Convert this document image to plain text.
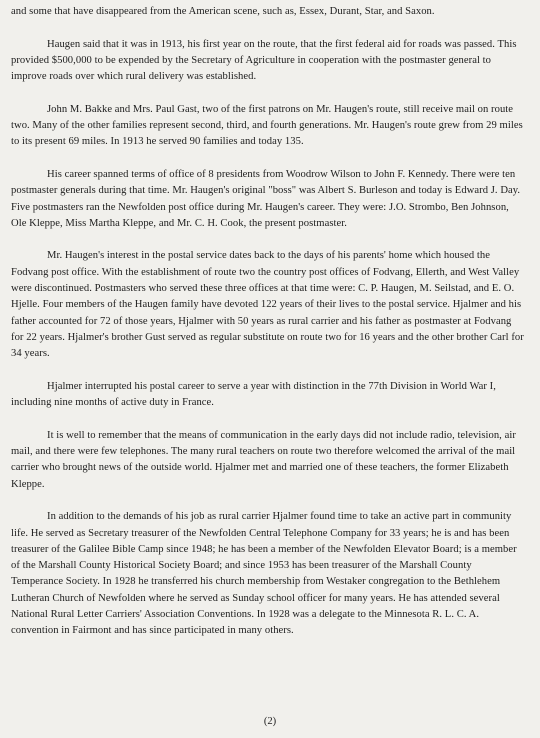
and some that have disappeared from the American scene, such as, Essex, Durant, Star, and Saxon.

Haugen said that it was in 1913, his first year on the route, that the first federal aid for roads was passed. This provided $500,000 to be expended by the Secretary of Agriculture in cooperation with the postmaster general to improve roads over which rural delivery was established.

John M. Bakke and Mrs. Paul Gast, two of the first patrons on Mr. Haugen's route, still receive mail on route two. Many of the other families represent second, third, and fourth generations. Mr. Haugen's route grew from 29 miles to its present 69 miles. In 1913 he served 90 families and today 135.

His career spanned terms of office of 8 presidents from Woodrow Wilson to John F. Kennedy. There were ten postmaster generals during that time. Mr. Haugen's original "boss" was Albert S. Burleson and today is Edward J. Day. Five postmasters ran the Newfolden post office during Mr. Haugen's career. They were: J.O. Strombo, Ben Johnson, Ole Kleppe, Miss Martha Kleppe, and Mr. C. H. Cook, the present postmaster.

Mr. Haugen's interest in the postal service dates back to the days of his parents' home which housed the Fodvang post office. With the establishment of route two the country post offices of Fodvang, Ellerth, and West Valley were discontinued. Postmasters who served these three offices at that time were: C. P. Haugen, M. Seilstad, and E. O. Hjelle. Four members of the Haugen family have devoted 122 years of their lives to the postal service. Hjalmer and his father accounted for 72 of those years, Hjalmer with 50 years as rural carrier and his father as postmaster at Fodvang for 22 years. Hjalmer's brother Gust served as regular substitute on route two for 16 years and the other brother Carl for 34 years.

Hjalmer interrupted his postal career to serve a year with distinction in the 77th Division in World War I, including nine months of active duty in France.

It is well to remember that the means of communication in the early days did not include radio, television, air mail, and there were few telephones. The many rural teachers on route two therefore welcomed the arrival of the mail carrier who brought news of the outside world. Hjalmer met and married one of these teachers, the former Elizabeth Kleppe.

In addition to the demands of his job as rural carrier Hjalmer found time to take an active part in community life. He served as Secretary treasurer of the Newfolden Central Telephone Company for 33 years; he is and has been treasurer of the Galilee Bible Camp since 1948; he has been a member of the Newfolden Elevator Board; is a member of the Marshall County Historical Society Board; and since 1953 has been treasurer of the Marshall County Temperance Society. In 1928 he transferred his church membership from Westaker congregation to the Bethlehem Lutheran Church of Newfolden where he served as Sunday school officer for many years. He has attended several National Rural Letter Carriers' Association Conventions. In 1928 was a delegate to the Minnesota R. L. C. A. convention in Fairmont and has since participated in many others.

(2)
